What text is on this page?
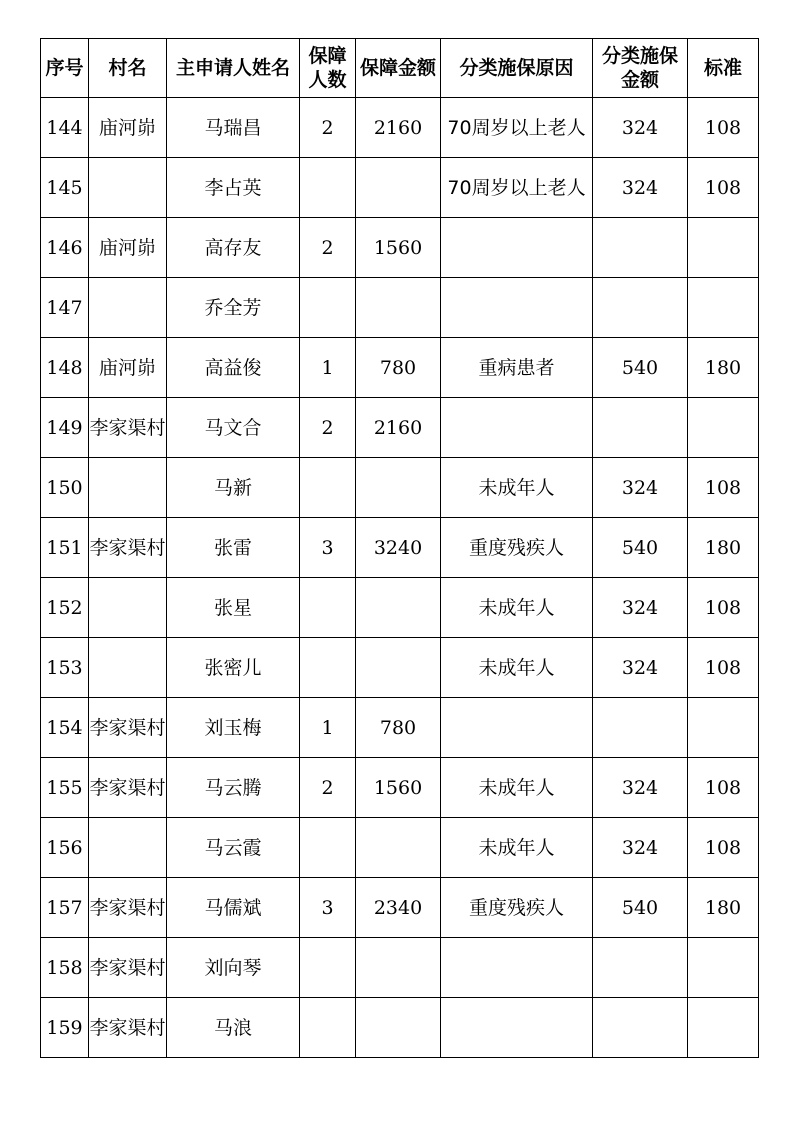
序号	村名	主申请人姓名	保障人数	保障金额	分类施保原因	分类施保金额	标准
144	庙河峁	马瑞昌	2	2160	70周岁以上老人	324	108
145		李占英			70周岁以上老人	324	108
146	庙河峁	高存友	2	1560			
147		乔全芳					
148	庙河峁	高益俊	1	780	重病患者	540	180
149	李家渠村	马文合	2	2160			
150		马新			未成年人	324	108
151	李家渠村	张雷	3	3240	重度残疾人	540	180
152		张星			未成年人	324	108
153		张密儿			未成年人	324	108
154	李家渠村	刘玉梅	1	780			
155	李家渠村	马云腾	2	1560	未成年人	324	108
156		马云霞			未成年人	324	108
157	李家渠村	马儒斌	3	2340	重度残疾人	540	180
158	李家渠村	刘向琴					
159	李家渠村	马浪					
